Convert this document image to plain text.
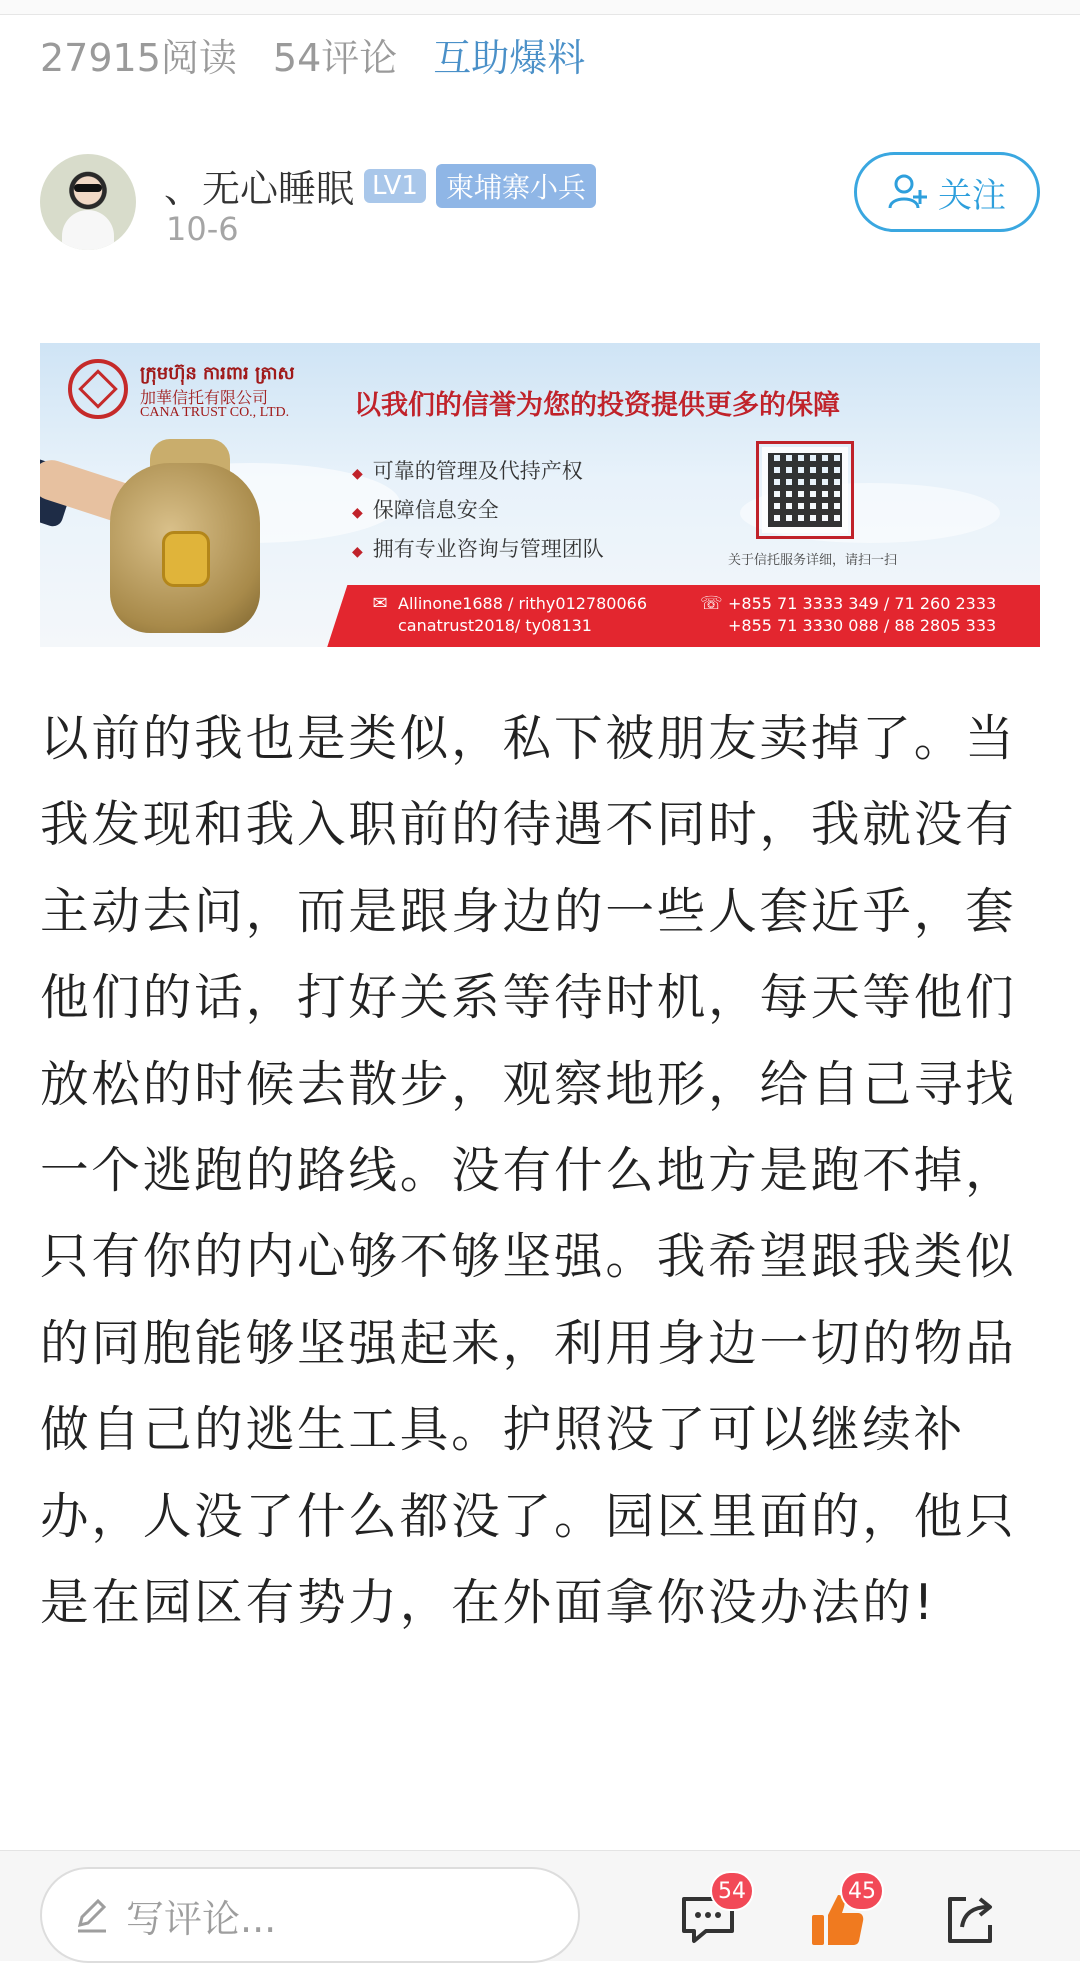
27915阅读 54评论 互助爆料
、无心睡眠 LV1	柬埔寨小兵
10-6
关注
ក្រុមហ៊ុន ការពារ ត្រាស
加華信托有限公司
CANA TRUST CO., LTD. 以我们的信誉为您的投资提供更多的保障
◆ 可靠的管理及代持产权
◆ 保障信息安全
◆ 拥有专业咨询与管理团队	关于信托服务详细，请扫一扫
✉ Allinone1688 / rithy012780066
canatrust2018/ ty08131
☏ +855 71 3333 349 / 71 260 2333
+855 71 3330 088 / 88 2805 333
以前的我也是类似，私下被朋友卖掉了。当我发现和我入职前的待遇不同时，我就没有主动去问，而是跟身边的一些人套近乎，套他们的话，打好关系等待时机，每天等他们放松的时候去散步，观察地形，给自己寻找一个逃跑的路线。没有什么地方是跑不掉，只有你的内心够不够坚强。我希望跟我类似的同胞能够坚强起来，利用身边一切的物品做自己的逃生工具。护照没了可以继续补办，人没了什么都没了。园区里面的，他只是在园区有势力，在外面拿你没办法的!
写评论...
54	45
